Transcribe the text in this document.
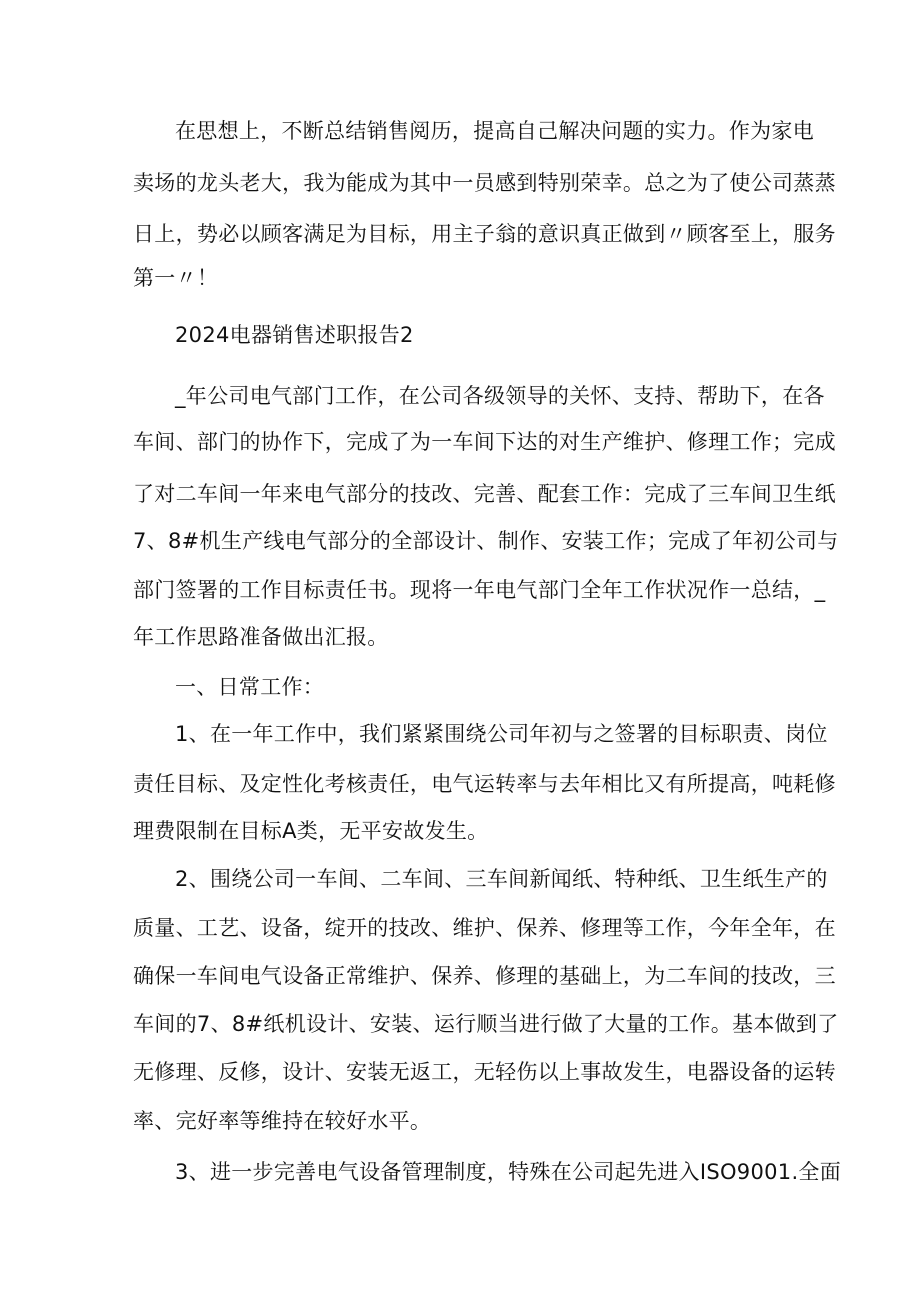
在思想上，不断总结销售阅历，提高自己解决问题的实力。作为家电
卖场的龙头老大，我为能成为其中一员感到特别荣幸。总之为了使公司蒸蒸
日上，势必以顾客满足为目标，用主子翁的意识真正做到〃顾客至上，服务
第一〃！
2024电器销售述职报告2
_年公司电气部门工作，在公司各级领导的关怀、支持、帮助下，在各
车间、部门的协作下，完成了为一车间下达的对生产维护、修理工作；完成
了对二车间一年来电气部分的技改、完善、配套工作：完成了三车间卫生纸
7、8#机生产线电气部分的全部设计、制作、安装工作；完成了年初公司与
部门签署的工作目标责任书。现将一年电气部门全年工作状况作一总结，_
年工作思路准备做出汇报。
一、日常工作：
1、在一年工作中，我们紧紧围绕公司年初与之签署的目标职责、岗位
责任目标、及定性化考核责任，电气运转率与去年相比又有所提高，吨耗修
理费限制在目标A类，无平安故发生。
2、围绕公司一车间、二车间、三车间新闻纸、特种纸、卫生纸生产的
质量、工艺、设备，绽开的技改、维护、保养、修理等工作，今年全年，在
确保一车间电气设备正常维护、保养、修理的基础上，为二车间的技改，三
车间的7、8#纸机设计、安装、运行顺当进行做了大量的工作。基本做到了
无修理、反修，设计、安装无返工，无轻伤以上事故发生，电器设备的运转
率、完好率等维持在较好水平。
3、进一步完善电气设备管理制度，特殊在公司起先进入ISO9001.全面
